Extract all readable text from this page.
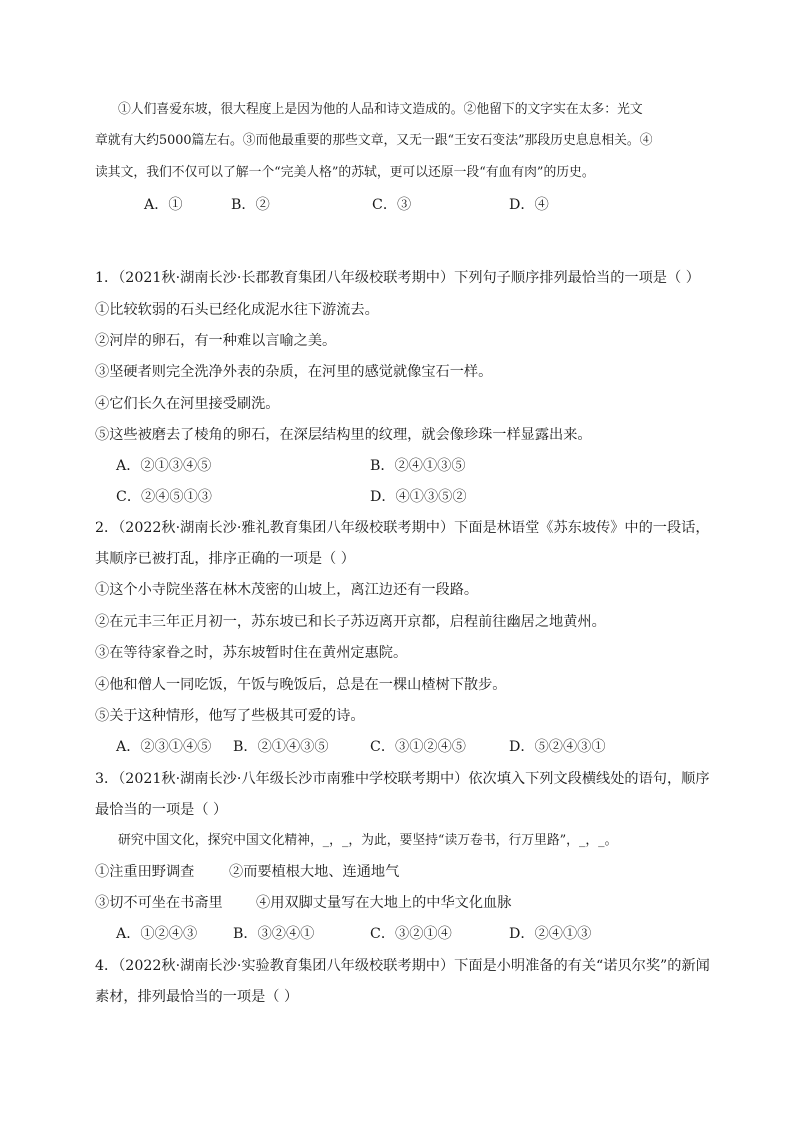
①人们喜爱东坡，很大程度上是因为他的人品和诗文造成的。②他留下的文字实在太多：光文
章就有大约5000篇左右。③而他最重要的那些文章，又无一跟“王安石变法”那段历史息息相关。④
读其文，我们不仅可以了解一个“完美人格”的苏轼，更可以还原一段“有血有肉”的历史。
A．①	B．②	C．③	D．④
1．（2021秋·湖南长沙·长郡教育集团八年级校联考期中）下列句子顺序排列最恰当的一项是（ ）
①比较软弱的石头已经化成泥水往下游流去。
②河岸的卵石，有一种难以言喻之美。
③坚硬者则完全洗净外表的杂质，在河里的感觉就像宝石一样。
④它们长久在河里接受刷洗。
⑤这些被磨去了棱角的卵石，在深层结构里的纹理，就会像珍珠一样显露出来。
A．②①③④⑤	B．②④①③⑤
C．②④⑤①③	D．④①③⑤②
2．（2022秋·湖南长沙·雅礼教育集团八年级校联考期中）下面是林语堂《苏东坡传》中的一段话，
其顺序已被打乱，排序正确的一项是（ ）
①这个小寺院坐落在林木茂密的山坡上，离江边还有一段路。
②在元丰三年正月初一，苏东坡已和长子苏迈离开京都，启程前往幽居之地黄州。
③在等待家眷之时，苏东坡暂时住在黄州定惠院。
④他和僧人一同吃饭，午饭与晚饭后，总是在一棵山楂树下散步。
⑤关于这种情形，他写了些极其可爱的诗。
A．②③①④⑤ B．②①④③⑤	C．③①②④⑤	D．⑤②④③①
3．（2021秋·湖南长沙·八年级长沙市南雅中学校联考期中）依次填入下列文段横线处的语句，顺序
最恰当的一项是（ ）
研究中国文化，探究中国文化精神，_，_，为此，要坚持“读万卷书，行万里路”，_，_。
①注重田野调查 ②而要植根大地、连通地气
③切不可坐在书斋里 ④用双脚丈量写在大地上的中华文化血脉
A．①②④③	B．③②④①	C．③②①④	D．②④①③
4．（2022秋·湖南长沙·实验教育集团八年级校联考期中）下面是小明准备的有关“诺贝尔奖”的新闻
素材，排列最恰当的一项是（ ）
